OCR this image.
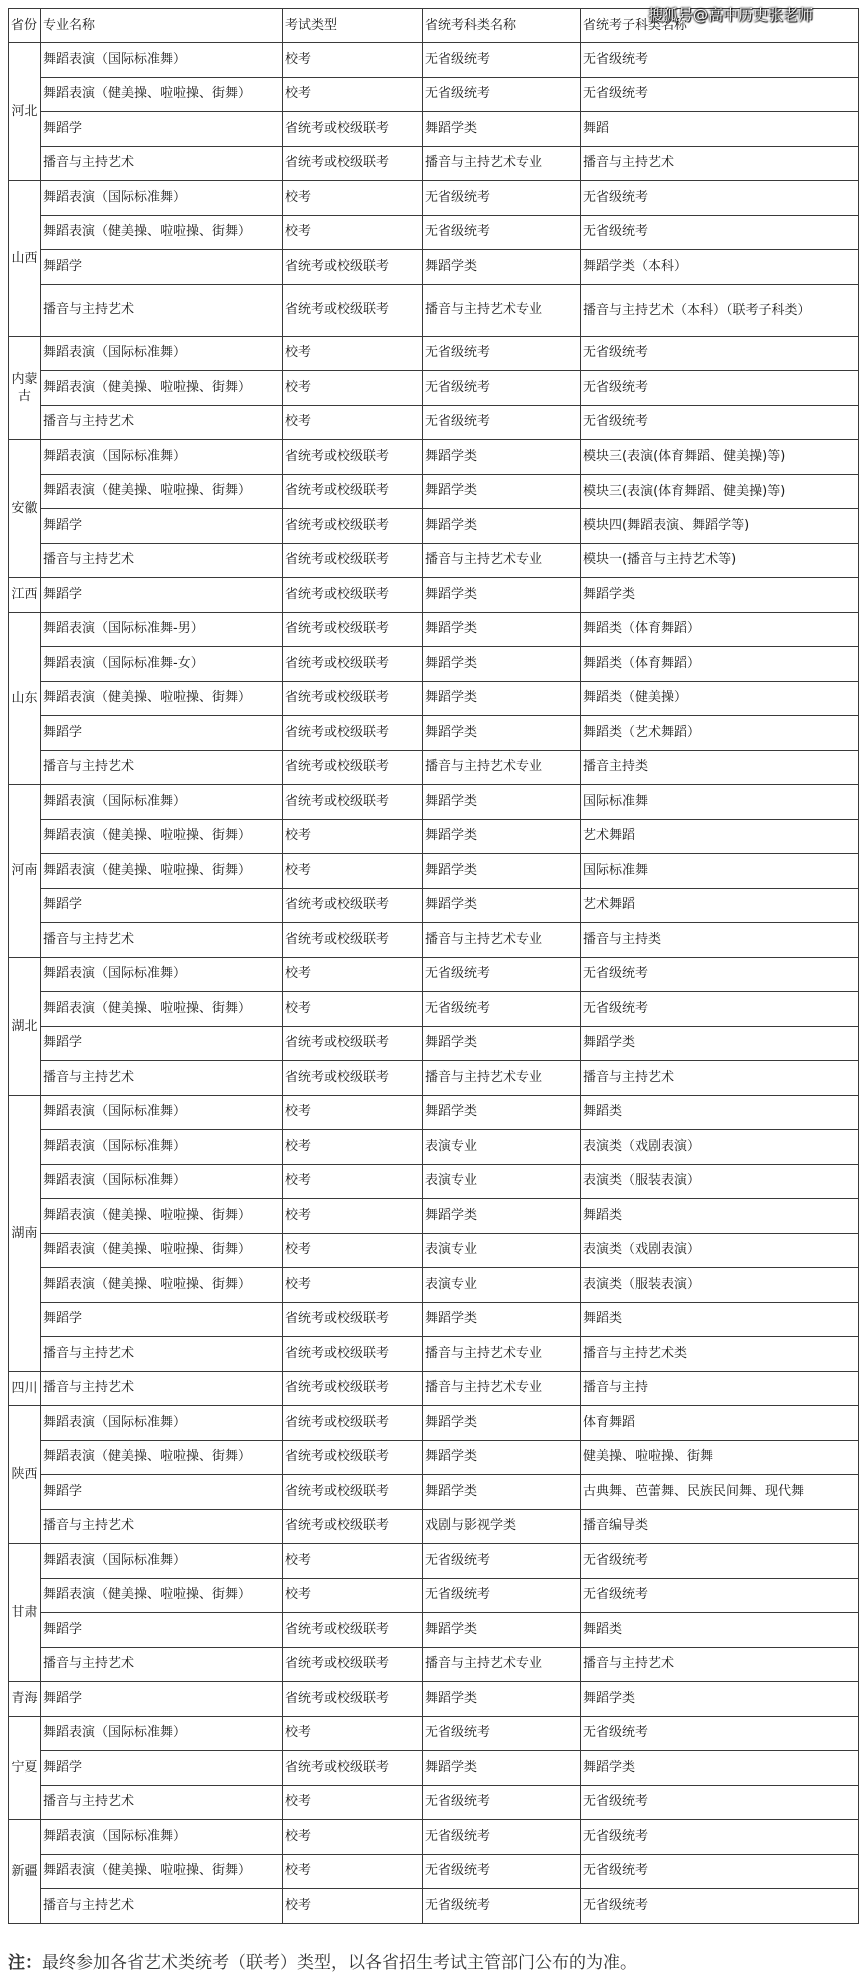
省份	专业名称	考试类型	省统考科类名称	省统考子科类名称
河北	舞蹈表演（国际标准舞）	校考	无省级统考	无省级统考
	舞蹈表演（健美操、啦啦操、街舞）	校考	无省级统考	无省级统考
	舞蹈学	省统考或校级联考	舞蹈学类	舞蹈
	播音与主持艺术	省统考或校级联考	播音与主持艺术专业	播音与主持艺术
山西	舞蹈表演（国际标准舞）	校考	无省级统考	无省级统考
	舞蹈表演（健美操、啦啦操、街舞）	校考	无省级统考	无省级统考
	舞蹈学	省统考或校级联考	舞蹈学类	舞蹈学类（本科）
	播音与主持艺术	省统考或校级联考	播音与主持艺术专业	播音与主持艺术（本科）（联考子科类）
内蒙古	舞蹈表演（国际标准舞）	校考	无省级统考	无省级统考
	舞蹈表演（健美操、啦啦操、街舞）	校考	无省级统考	无省级统考
	播音与主持艺术	校考	无省级统考	无省级统考
安徽	舞蹈表演（国际标准舞）	省统考或校级联考	舞蹈学类	模块三(表演(体育舞蹈、健美操)等)
	舞蹈表演（健美操、啦啦操、街舞）	省统考或校级联考	舞蹈学类	模块三(表演(体育舞蹈、健美操)等)
	舞蹈学	省统考或校级联考	舞蹈学类	模块四(舞蹈表演、舞蹈学等)
	播音与主持艺术	省统考或校级联考	播音与主持艺术专业	模块一(播音与主持艺术等)
江西	舞蹈学	省统考或校级联考	舞蹈学类	舞蹈学类
山东	舞蹈表演（国际标准舞-男）	省统考或校级联考	舞蹈学类	舞蹈类（体育舞蹈）
	舞蹈表演（国际标准舞-女）	省统考或校级联考	舞蹈学类	舞蹈类（体育舞蹈）
	舞蹈表演（健美操、啦啦操、街舞）	省统考或校级联考	舞蹈学类	舞蹈类（健美操）
	舞蹈学	省统考或校级联考	舞蹈学类	舞蹈类（艺术舞蹈）
	播音与主持艺术	省统考或校级联考	播音与主持艺术专业	播音主持类
河南	舞蹈表演（国际标准舞）	省统考或校级联考	舞蹈学类	国际标准舞
	舞蹈表演（健美操、啦啦操、街舞）	校考	舞蹈学类	艺术舞蹈
	舞蹈表演（健美操、啦啦操、街舞）	校考	舞蹈学类	国际标准舞
	舞蹈学	省统考或校级联考	舞蹈学类	艺术舞蹈
	播音与主持艺术	省统考或校级联考	播音与主持艺术专业	播音与主持类
湖北	舞蹈表演（国际标准舞）	校考	无省级统考	无省级统考
	舞蹈表演（健美操、啦啦操、街舞）	校考	无省级统考	无省级统考
	舞蹈学	省统考或校级联考	舞蹈学类	舞蹈学类
	播音与主持艺术	省统考或校级联考	播音与主持艺术专业	播音与主持艺术
湖南	舞蹈表演（国际标准舞）	校考	舞蹈学类	舞蹈类
	舞蹈表演（国际标准舞）	校考	表演专业	表演类（戏剧表演）
	舞蹈表演（国际标准舞）	校考	表演专业	表演类（服装表演）
	舞蹈表演（健美操、啦啦操、街舞）	校考	舞蹈学类	舞蹈类
	舞蹈表演（健美操、啦啦操、街舞）	校考	表演专业	表演类（戏剧表演）
	舞蹈表演（健美操、啦啦操、街舞）	校考	表演专业	表演类（服装表演）
	舞蹈学	省统考或校级联考	舞蹈学类	舞蹈类
	播音与主持艺术	省统考或校级联考	播音与主持艺术专业	播音与主持艺术类
四川	播音与主持艺术	省统考或校级联考	播音与主持艺术专业	播音与主持
陕西	舞蹈表演（国际标准舞）	省统考或校级联考	舞蹈学类	体育舞蹈
	舞蹈表演（健美操、啦啦操、街舞）	省统考或校级联考	舞蹈学类	健美操、啦啦操、街舞
	舞蹈学	省统考或校级联考	舞蹈学类	古典舞、芭蕾舞、民族民间舞、现代舞
	播音与主持艺术	省统考或校级联考	戏剧与影视学类	播音编导类
甘肃	舞蹈表演（国际标准舞）	校考	无省级统考	无省级统考
	舞蹈表演（健美操、啦啦操、街舞）	校考	无省级统考	无省级统考
	舞蹈学	省统考或校级联考	舞蹈学类	舞蹈类
	播音与主持艺术	省统考或校级联考	播音与主持艺术专业	播音与主持艺术
青海	舞蹈学	省统考或校级联考	舞蹈学类	舞蹈学类
宁夏	舞蹈表演（国际标准舞）	校考	无省级统考	无省级统考
	舞蹈学	省统考或校级联考	舞蹈学类	舞蹈学类
	播音与主持艺术	校考	无省级统考	无省级统考
新疆	舞蹈表演（国际标准舞）	校考	无省级统考	无省级统考
	舞蹈表演（健美操、啦啦操、街舞）	校考	无省级统考	无省级统考
	播音与主持艺术	校考	无省级统考	无省级统考
搜狐号@高中历史张老师
注：最终参加各省艺术类统考（联考）类型，以各省招生考试主管部门公布的为准。
